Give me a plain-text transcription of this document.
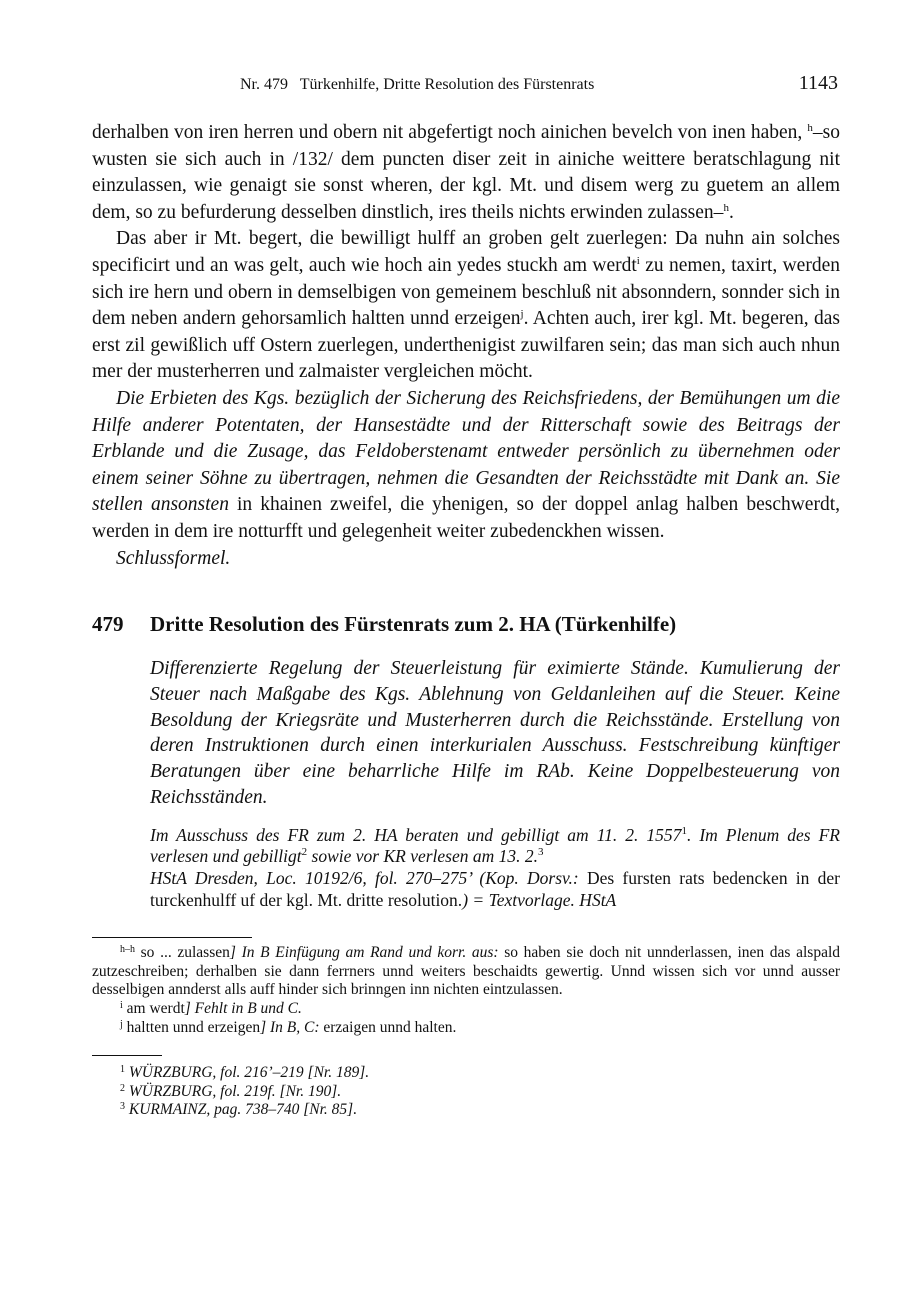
Nr. 479   Türkenhilfe, Dritte Resolution des Fürstenrats	1143

derhalben von iren herren und obern nit abgefertigt noch ainichen bevelch von inen haben, $^h$–so wusten sie sich auch in /132/ dem puncten diser zeit in ainiche weittere beratschlagung nit einzulassen, wie genaigt sie sonst wheren, der kgl. Mt. und disem werg zu guetem an allem dem, so zu befurderung desselben dinstlich, ires theils nichts erwinden zulassen–$^h$.

Das aber ir Mt. begert, die bewilligt hulff an groben gelt zuerlegen: Da nuhn ain solches specificirt und an was gelt, auch wie hoch ain yedes stuckh am werdt$^i$ zu nemen, taxirt, werden sich ire hern und obern in demselbigen von gemeinem beschluß nit absonndern, sonnder sich in dem neben andern gehorsamlich haltten unnd erzeigen$^j$. Achten auch, irer kgl. Mt. begeren, das erst zil gewißlich uff Ostern zuerlegen, underthenigist zuwilfaren sein; das man sich auch nhun mer der musterherren und zalmaister vergleichen möcht.

Die Erbieten des Kgs. bezüglich der Sicherung des Reichsfriedens, der Bemühungen um die Hilfe anderer Potentaten, der Hansestädte und der Ritterschaft sowie des Beitrags der Erblande und die Zusage, das Feldoberstenamt entweder persönlich zu übernehmen oder einem seiner Söhne zu übertragen, nehmen die Gesandten der Reichsstädte mit Dank an. Sie stellen ansonsten in khainen zweifel, die yhenigen, so der doppel anlag halben beschwerdt, werden in dem ire notturfft und gelegenheit weiter zubedenckhen wissen.

Schlussformel.

479 Dritte Resolution des Fürstenrats zum 2. HA (Türkenhilfe)
Differenzierte Regelung der Steuerleistung für eximierte Stände. Kumulierung der Steuer nach Maßgabe des Kgs. Ablehnung von Geldanleihen auf die Steuer. Keine Besoldung der Kriegsräte und Musterherren durch die Reichsstände. Erstellung von deren Instruktionen durch einen interkurialen Ausschuss. Festschreibung künftiger Beratungen über eine beharrliche Hilfe im RAb. Keine Doppelbesteuerung von Reichsständen.
Im Ausschuss des FR zum 2. HA beraten und gebilligt am 11. 2. 1557$^1$. Im Plenum des FR verlesen und gebilligt$^2$ sowie vor KR verlesen am 13. 2.$^3$
HStA Dresden, Loc. 10192/6, fol. 270–275’ (Kop. Dorsv.: Des fursten rats bedencken in der turckenhulff uf der kgl. Mt. dritte resolution.) = Textvorlage. HStA

$^{h-h}$ so ... zulassen] In B Einfügung am Rand und korr. aus: so haben sie doch nit unnderlassen, inen das alspald zutzeschreiben; derhalben sie dann ferrners unnd weiters beschaidts gewertig. Unnd wissen sich vor unnd ausser desselbigen annderst alls auff hinder sich brinngen inn nichten eintzulassen.

$^i$ am werdt] Fehlt in B und C.

$^j$ haltten unnd erzeigen] In B, C: erzaigen unnd halten.

$^1$ WÜRZBURG, fol. 216’–219 [Nr. 189].

$^2$ WÜRZBURG, fol. 219f. [Nr. 190].

$^3$ KURMAINZ, pag. 738–740 [Nr. 85].
